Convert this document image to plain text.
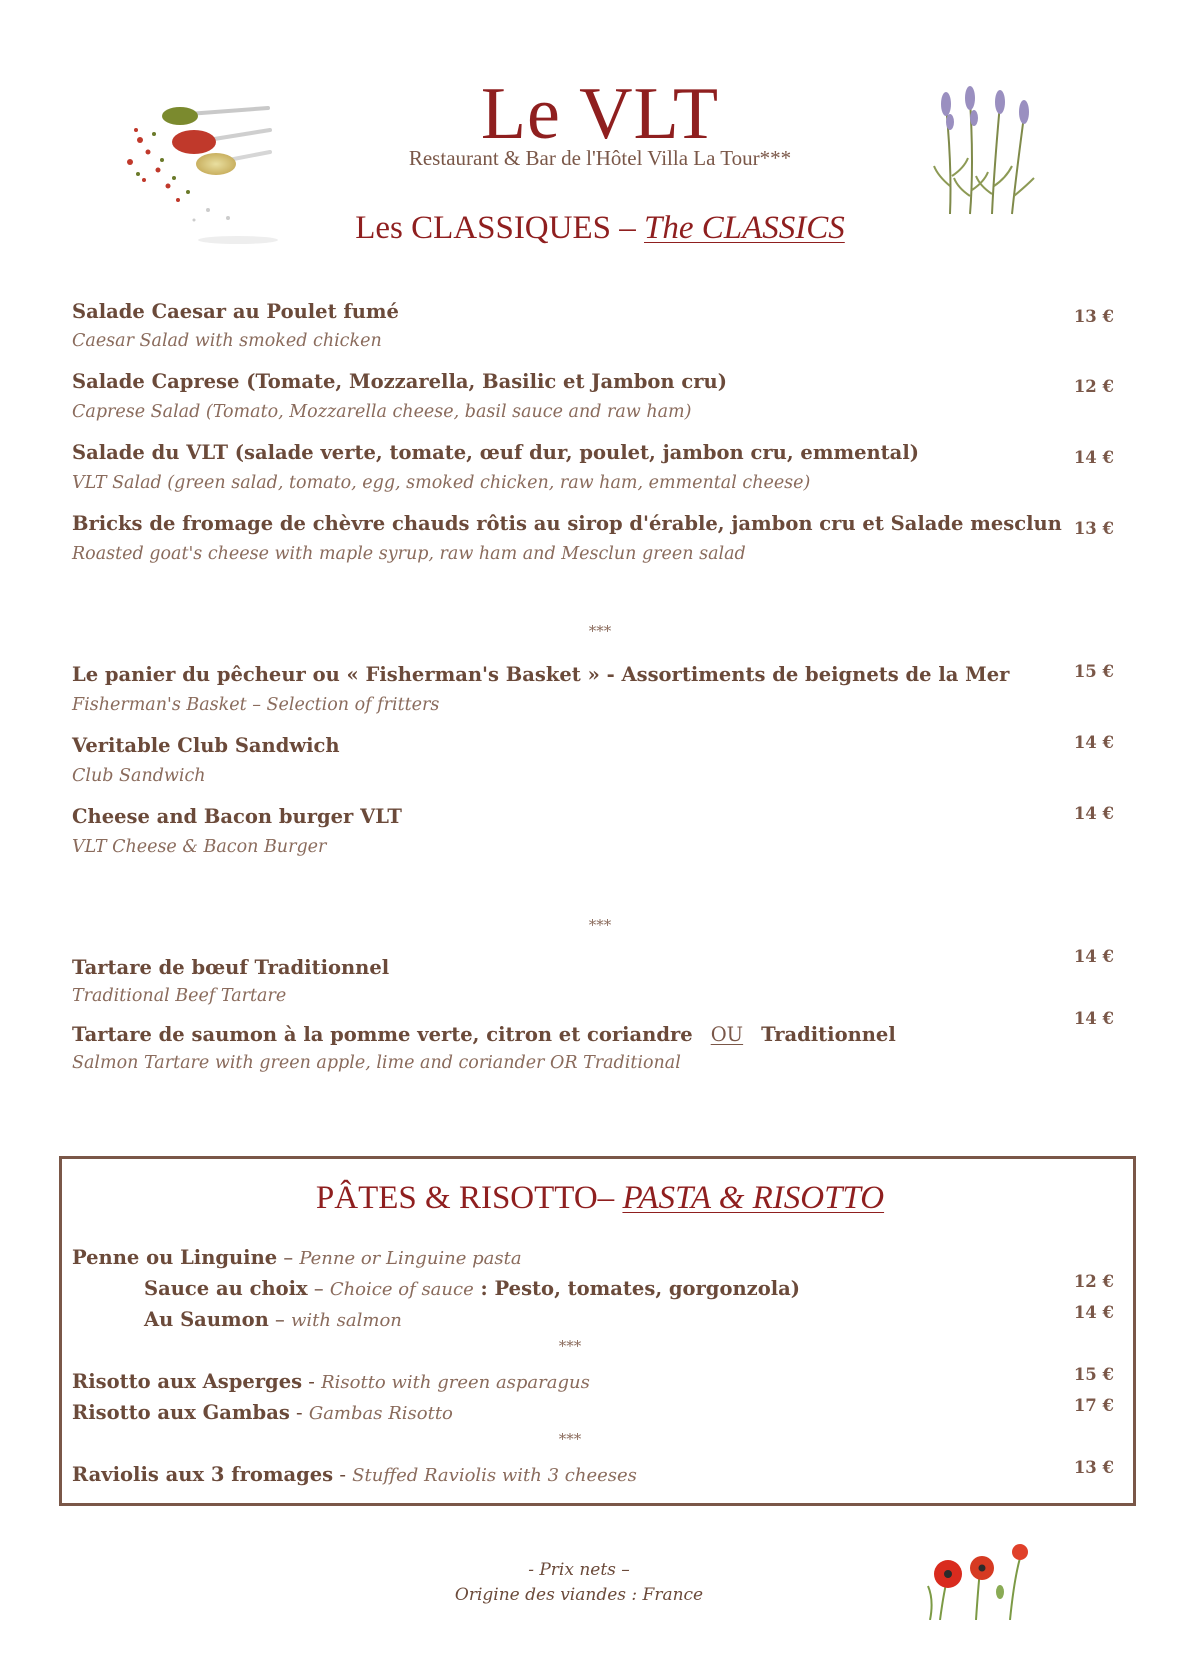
Le VLT
Restaurant & Bar de l'Hôtel Villa La Tour***
Les CLASSIQUES – The CLASSICS
Salade Caesar au Poulet fumé
Caesar Salad with smoked chicken
13 €
Salade Caprese (Tomate, Mozzarella, Basilic et Jambon cru)
Caprese Salad (Tomato, Mozzarella cheese, basil sauce and raw ham)
12 €
Salade du VLT (salade verte, tomate, œuf dur, poulet, jambon cru, emmental)
VLT Salad (green salad, tomato, egg, smoked chicken, raw ham, emmental cheese)
14 €
Bricks de fromage de chèvre chauds rôtis au sirop d'érable, jambon cru et Salade mesclun
Roasted goat's cheese with maple syrup, raw ham and Mesclun green salad
13 €
***
Le panier du pêcheur ou « Fisherman's Basket » - Assortiments de beignets de la Mer
Fisherman's Basket – Selection of fritters
15 €
Veritable Club Sandwich
Club Sandwich
14 €
Cheese and Bacon burger VLT
VLT Cheese & Bacon Burger
14 €
***
Tartare de bœuf Traditionnel
Traditional Beef Tartare
14 €
Tartare de saumon à la pomme verte, citron et coriandre OU Traditionnel
Salmon Tartare with green apple, lime and coriander OR Traditional
14 €
PÂTES & RISOTTO– PASTA & RISOTTO
Penne ou Linguine – Penne or Linguine pasta
Sauce au choix – Choice of sauce : Pesto, tomates, gorgonzola)	12 €
Au Saumon – with salmon	14 €
***
Risotto aux Asperges - Risotto with green asparagus	15 €
Risotto aux Gambas - Gambas Risotto	17 €
***
Raviolis aux 3 fromages - Stuffed Raviolis with 3 cheeses	13 €
- Prix nets –
Origine des viandes : France
